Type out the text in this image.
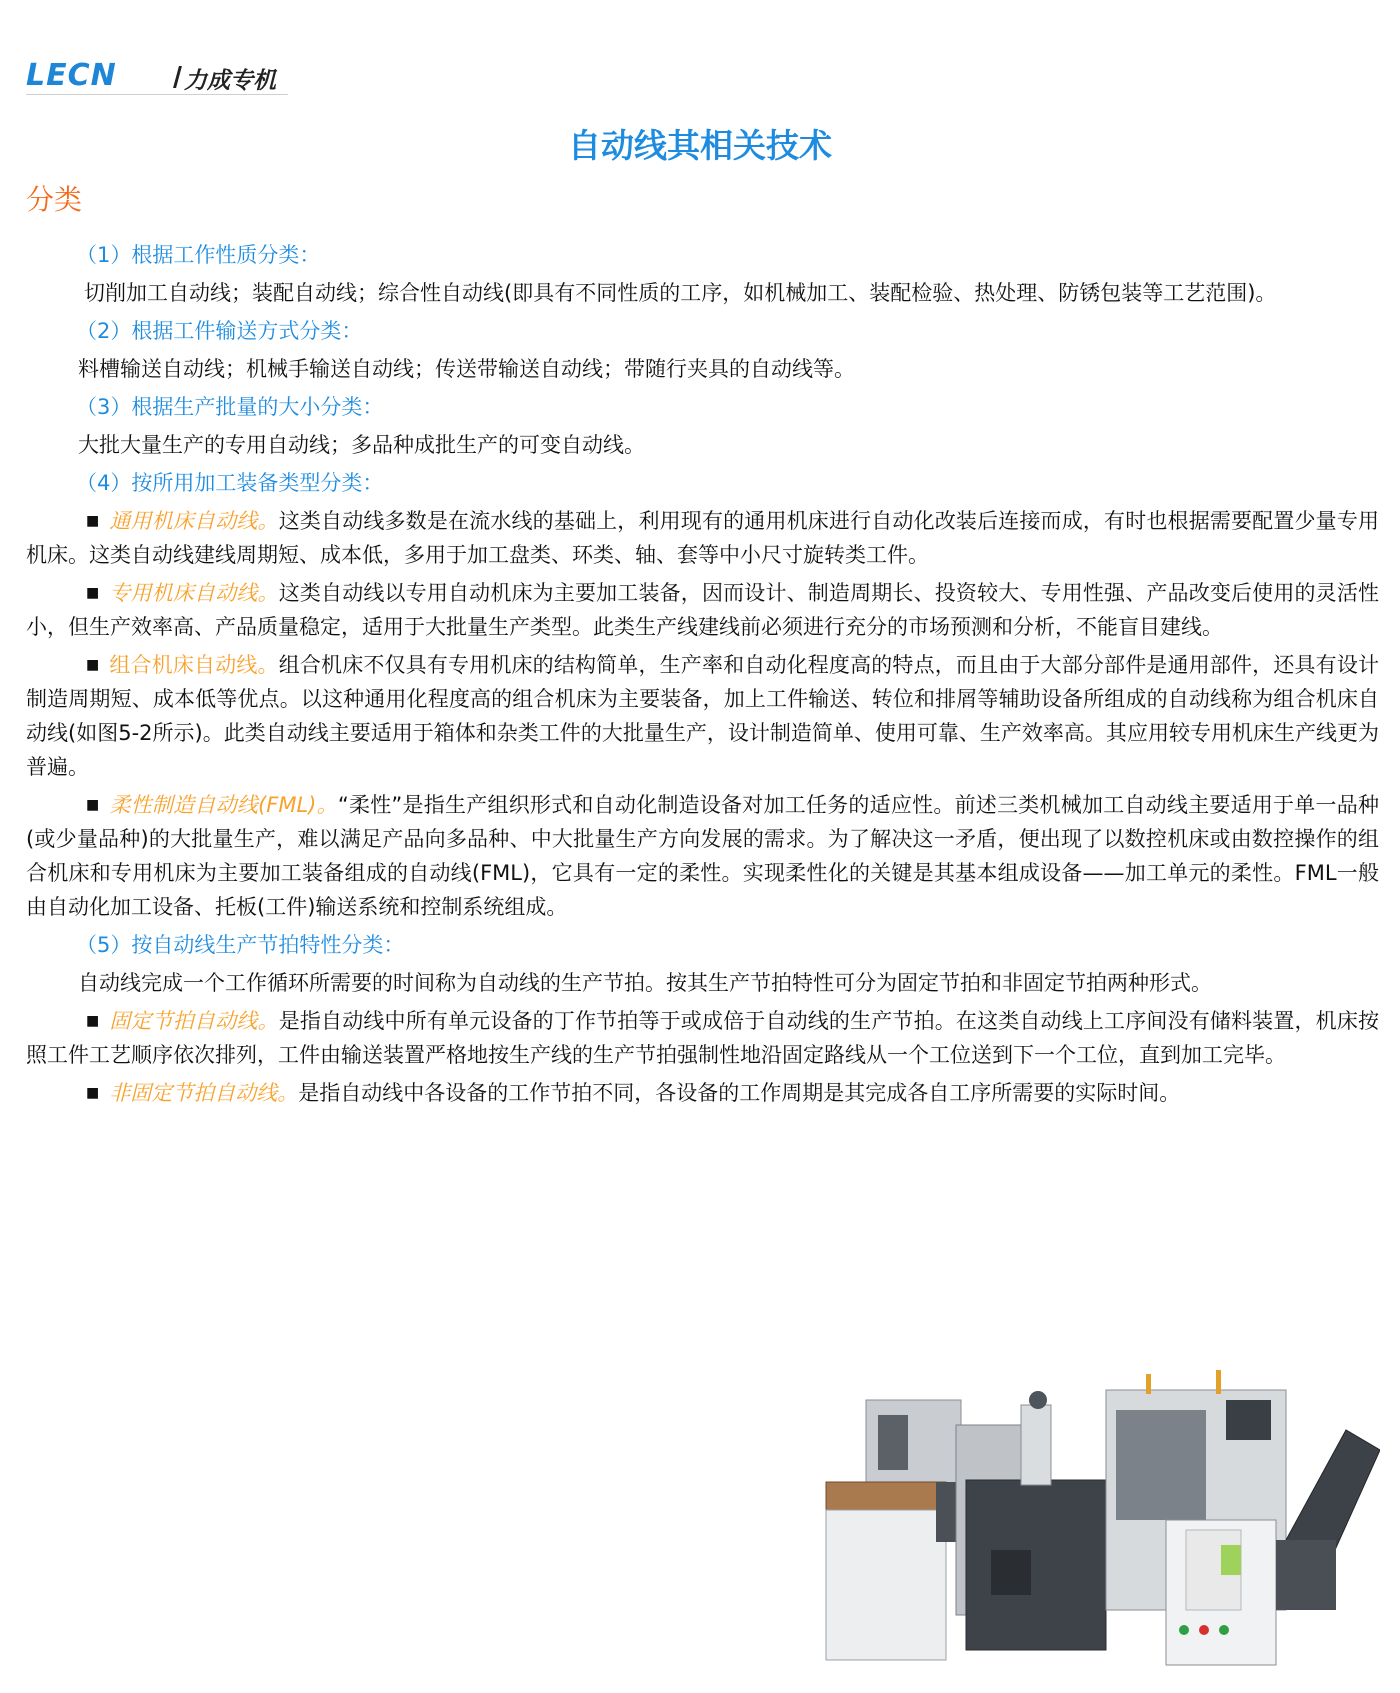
LECN	力成专机
自动线其相关技术
分类
（1）根据工作性质分类：
切削加工自动线；装配自动线；综合性自动线(即具有不同性质的工序，如机械加工、装配检验、热处理、防锈包装等工艺范围)。
（2）根据工件输送方式分类：
料槽输送自动线；机械手输送自动线；传送带输送自动线；带随行夹具的自动线等。
（3）根据生产批量的大小分类：
大批大量生产的专用自动线；多品种成批生产的可变自动线。
（4）按所用加工装备类型分类：
■ 通用机床自动线。这类自动线多数是在流水线的基础上，利用现有的通用机床进行自动化改装后连接而成，有时也根据需要配置少量专用机床。这类自动线建线周期短、成本低，多用于加工盘类、环类、轴、套等中小尺寸旋转类工件。
■ 专用机床自动线。这类自动线以专用自动机床为主要加工装备，因而设计、制造周期长、投资较大、专用性强、产品改变后使用的灵活性小，但生产效率高、产品质量稳定，适用于大批量生产类型。此类生产线建线前必须进行充分的市场预测和分析，不能盲目建线。
■ 组合机床自动线。组合机床不仅具有专用机床的结构简单，生产率和自动化程度高的特点，而且由于大部分部件是通用部件，还具有设计制造周期短、成本低等优点。以这种通用化程度高的组合机床为主要装备，加上工件输送、转位和排屑等辅助设备所组成的自动线称为组合机床自动线(如图5-2所示)。此类自动线主要适用于箱体和杂类工件的大批量生产，设计制造简单、使用可靠、生产效率高。其应用较专用机床生产线更为普遍。
■ 柔性制造自动线(FML)。“柔性”是指生产组织形式和自动化制造设备对加工任务的适应性。前述三类机械加工自动线主要适用于单一品种(或少量品种)的大批量生产，难以满足产品向多品种、中大批量生产方向发展的需求。为了解决这一矛盾，便出现了以数控机床或由数控操作的组合机床和专用机床为主要加工装备组成的自动线(FML)，它具有一定的柔性。实现柔性化的关键是其基本组成设备——加工单元的柔性。FML一般由自动化加工设备、托板(工件)输送系统和控制系统组成。
（5）按自动线生产节拍特性分类：
自动线完成一个工作循环所需要的时间称为自动线的生产节拍。按其生产节拍特性可分为固定节拍和非固定节拍两种形式。
■ 固定节拍自动线。是指自动线中所有单元设备的丁作节拍等于或成倍于自动线的生产节拍。在这类自动线上工序间没有储料装置，机床按照工件工艺顺序依次排列，工件由输送装置严格地按生产线的生产节拍强制性地沿固定路线从一个工位送到下一个工位，直到加工完毕。
■ 非固定节拍自动线。是指自动线中各设备的工作节拍不同，各设备的工作周期是其完成各自工序所需要的实际时间。
